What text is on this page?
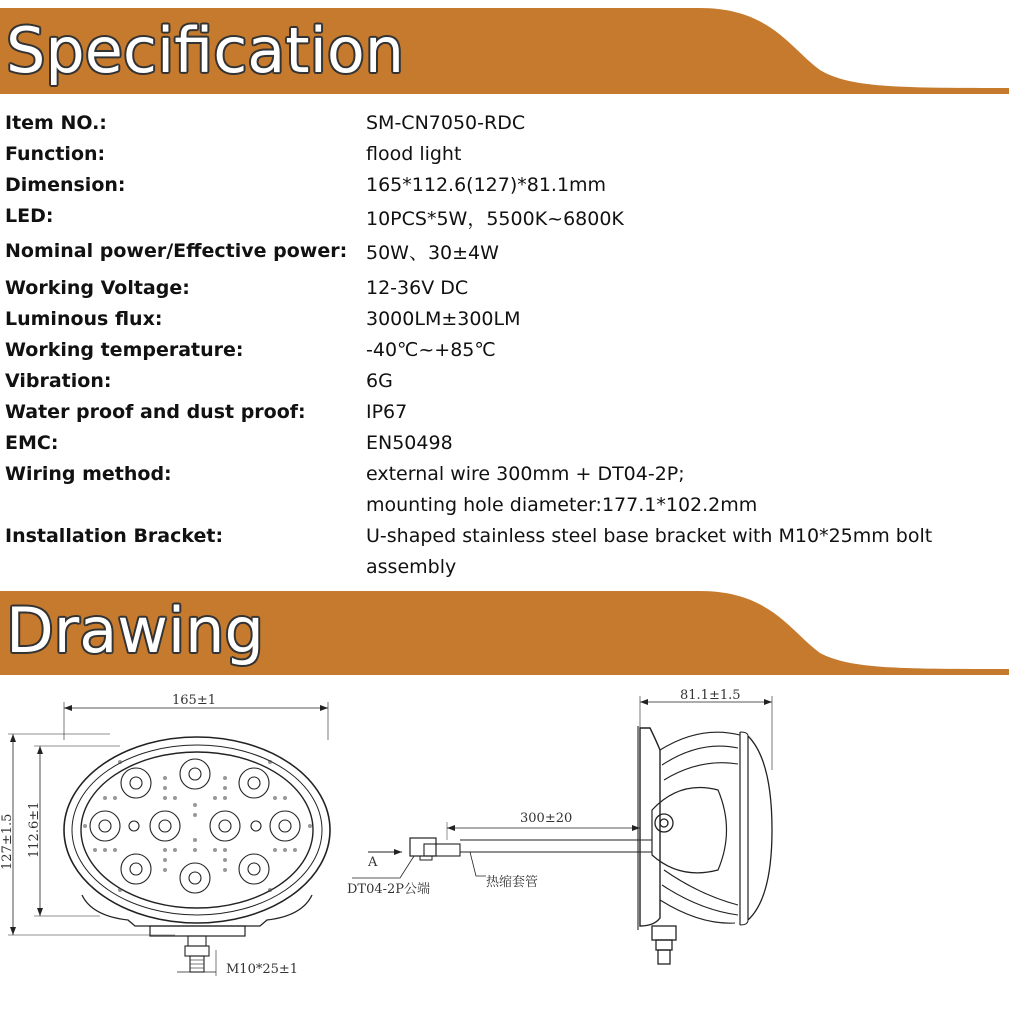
Specification
Item NO.:	SM-CN7050-RDC
Function:	flood light
Dimension:	165*112.6(127)*81.1mm
LED:	10PCS*5W，5500K~6800K
Nominal power/Effective power: 50W、30±4W
Working Voltage:	12-36V DC
Luminous flux:	3000LM±300LM
Working temperature:	-40℃~+85℃
Vibration:	6G
Water proof and dust proof:	IP67
EMC:	EN50498
Wiring method:	external wire 300mm + DT04-2P;
mounting hole diameter:177.1*102.2mm
Installation Bracket:	U-shaped stainless steel base bracket with M10*25mm bolt assembly
Drawing
165±1
127±1.5 112.6±1
M10*25±1
81.1±1.5
300±20
DT04-2P公端	热缩套管
A
